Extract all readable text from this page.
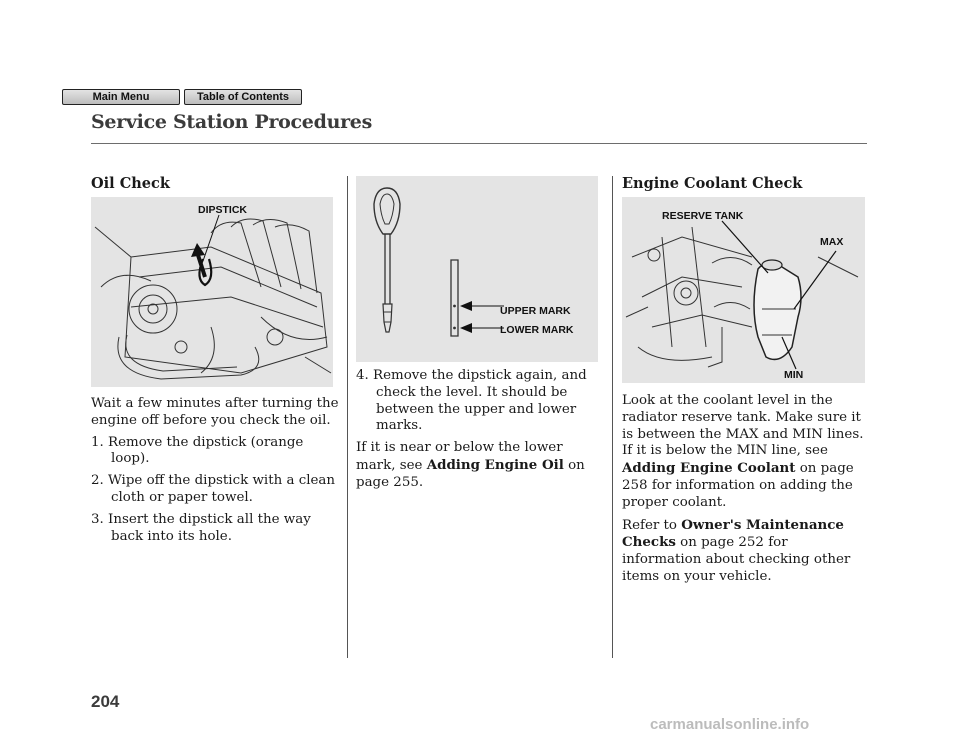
Main Menu	Table of Contents
Service Station Procedures
Oil Check
DIPSTICK

Wait a few minutes after turning the engine off before you check the oil.

1. Remove the dipstick (orange loop).

2. Wipe off the dipstick with a clean cloth or paper towel.

3. Insert the dipstick all the way back into its hole.

UPPER MARK
LOWER MARK

4. Remove the dipstick again, and check the level. It should be between the upper and lower marks.

If it is near or below the lower mark, see Adding Engine Oil on page 255.

Engine Coolant Check
RESERVE TANK
MAX
MIN

Look at the coolant level in the radiator reserve tank. Make sure it is between the MAX and MIN lines. If it is below the MIN line, see Adding Engine Coolant on page 258 for information on adding the proper coolant.

Refer to Owner's Maintenance Checks on page 252 for information about checking other items on your vehicle.

204
carmanualsonline.info
